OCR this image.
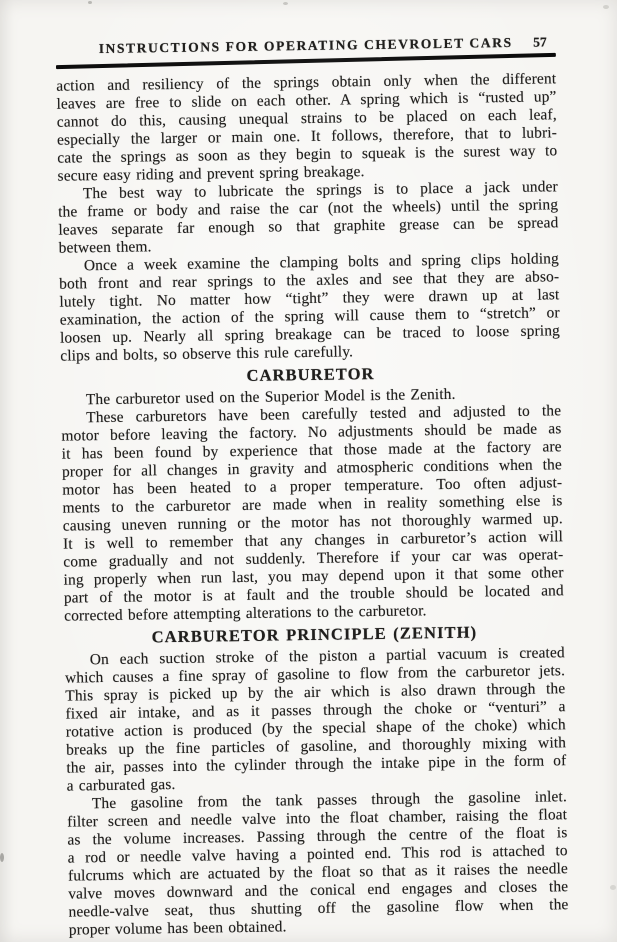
INSTRUCTIONS FOR OPERATING CHEVROLET CARS	57
action and resiliency of the springs obtain only when the different
leaves are free to slide on each other. A spring which is “rusted up”
cannot do this, causing unequal strains to be placed on each leaf,
especially the larger or main one. It follows, therefore, that to lubri-
cate the springs as soon as they begin to squeak is the surest way to
secure easy riding and prevent spring breakage.
The best way to lubricate the springs is to place a jack under
the frame or body and raise the car (not the wheels) until the spring
leaves separate far enough so that graphite grease can be spread
between them.
Once a week examine the clamping bolts and spring clips holding
both front and rear springs to the axles and see that they are abso-
lutely tight. No matter how “tight” they were drawn up at last
examination, the action of the spring will cause them to “stretch” or
loosen up. Nearly all spring breakage can be traced to loose spring
clips and bolts, so observe this rule carefully.
CARBURETOR
The carburetor used on the Superior Model is the Zenith.
These carburetors have been carefully tested and adjusted to the
motor before leaving the factory. No adjustments should be made as
it has been found by experience that those made at the factory are
proper for all changes in gravity and atmospheric conditions when the
motor has been heated to a proper temperature. Too often adjust-
ments to the carburetor are made when in reality something else is
causing uneven running or the motor has not thoroughly warmed up.
It is well to remember that any changes in carburetor’s action will
come gradually and not suddenly. Therefore if your car was operat-
ing properly when run last, you may depend upon it that some other
part of the motor is at fault and the trouble should be located and
corrected before attempting alterations to the carburetor.
CARBURETOR PRINCIPLE (ZENITH)
On each suction stroke of the piston a partial vacuum is created
which causes a fine spray of gasoline to flow from the carburetor jets.
This spray is picked up by the air which is also drawn through the
fixed air intake, and as it passes through the choke or “venturi” a
rotative action is produced (by the special shape of the choke) which
breaks up the fine particles of gasoline, and thoroughly mixing with
the air, passes into the cylinder through the intake pipe in the form of
a carburated gas.
The gasoline from the tank passes through the gasoline inlet.
filter screen and needle valve into the float chamber, raising the float
as the volume increases. Passing through the centre of the float is
a rod or needle valve having a pointed end. This rod is attached to
fulcrums which are actuated by the float so that as it raises the needle
valve moves downward and the conical end engages and closes the
needle-valve seat, thus shutting off the gasoline flow when the
proper volume has been obtained.
